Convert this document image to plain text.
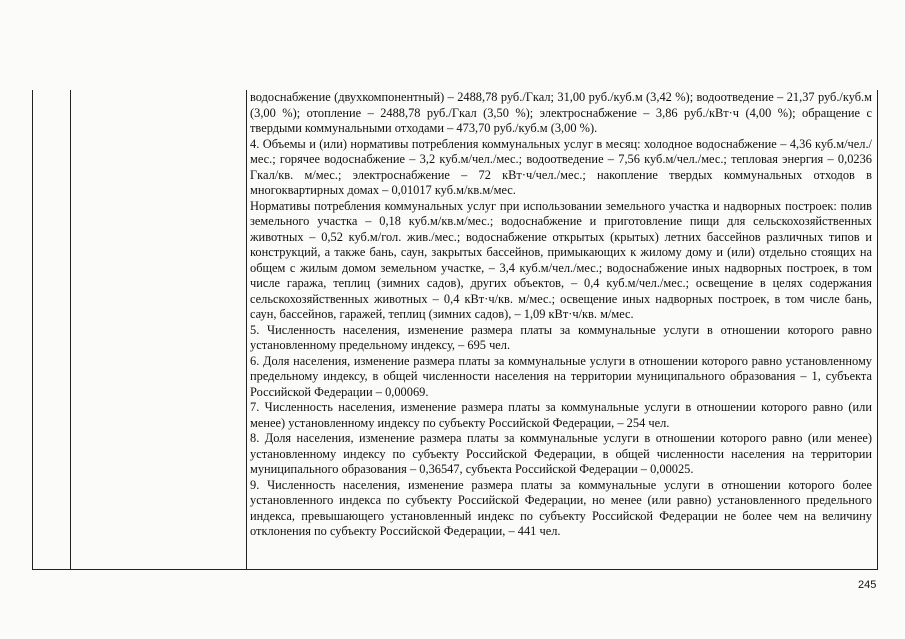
водоснабжение (двухкомпонентный) – 2488,78 руб./Гкал; 31,00 руб./куб.м (3,42 %); водоотведение – 21,37 руб./куб.м (3,00 %); отопление – 2488,78 руб./Гкал (3,50 %); электроснабжение – 3,86 руб./кВт·ч (4,00 %); обращение с твердыми коммунальными отходами – 473,70 руб./куб.м (3,00 %).

4. Объемы и (или) нормативы потребления коммунальных услуг в месяц: холодное водоснабжение – 4,36 куб.м/чел./мес.; горячее водоснабжение – 3,2 куб.м/чел./мес.; водоотведение – 7,56 куб.м/чел./мес.; тепловая энергия – 0,0236 Гкал/кв. м/мес.; электроснабжение – 72 кВт·ч/чел./мес.; накопление твердых коммунальных отходов в многоквартирных домах – 0,01017 куб.м/кв.м/мес.

Нормативы потребления коммунальных услуг при использовании земельного участка и надворных построек: полив земельного участка – 0,18 куб.м/кв.м/мес.; водоснабжение и приготовление пищи для сельскохозяйственных животных – 0,52 куб.м/гол. жив./мес.; водоснабжение открытых (крытых) летних бассейнов различных типов и конструкций, а также бань, саун, закрытых бассейнов, примыкающих к жилому дому и (или) отдельно стоящих на общем с жилым домом земельном участке, – 3,4 куб.м/чел./мес.; водоснабжение иных надворных построек, в том числе гаража, теплиц (зимних садов), других объектов, – 0,4 куб.м/чел./мес.; освещение в целях содержания сельскохозяйственных животных – 0,4 кВт·ч/кв. м/мес.; освещение иных надворных построек, в том числе бань, саун, бассейнов, гаражей, теплиц (зимних садов), – 1,09 кВт·ч/кв. м/мес.

5. Численность населения, изменение размера платы за коммунальные услуги в отношении которого равно установленному предельному индексу, – 695 чел.

6. Доля населения, изменение размера платы за коммунальные услуги в отношении которого равно установленному предельному индексу, в общей численности населения на территории муниципального образования – 1, субъекта Российской Федерации – 0,00069.

7. Численность населения, изменение размера платы за коммунальные услуги в отношении которого равно (или менее) установленному индексу по субъекту Российской Федерации, – 254 чел.

8. Доля населения, изменение размера платы за коммунальные услуги в отношении которого равно (или менее) установленному индексу по субъекту Российской Федерации, в общей численности населения на территории муниципального образования – 0,36547, субъекта Российской Федерации – 0,00025.

9. Численность населения, изменение размера платы за коммунальные услуги в отношении которого более установленного индекса по субъекту Российской Федерации, но менее (или равно) установленного предельного индекса, превышающего установленный индекс по субъекту Российской Федерации не более чем на величину отклонения по субъекту Российской Федерации, – 441 чел.

245
